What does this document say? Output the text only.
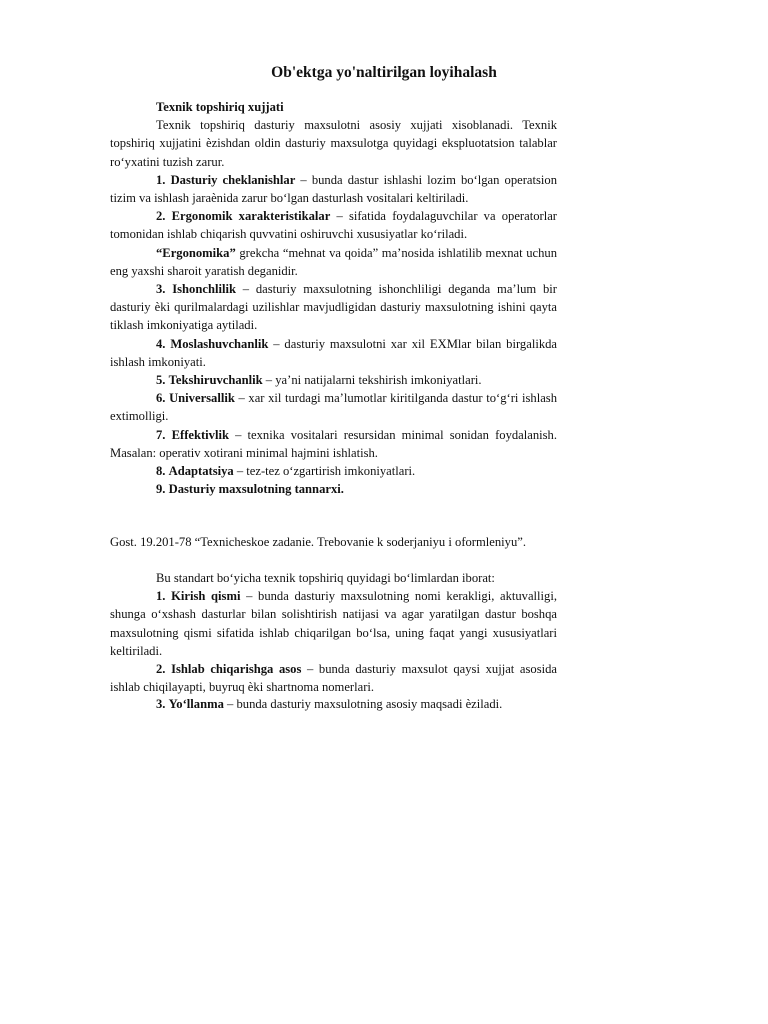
Ob'ektga yo'naltirilgan loyihalash

Texnik topshiriq xujjati

Texnik topshiriq dasturiy maxsulotni asosiy xujjati xisoblanadi. Texnik topshiriq xujjatini ѐzishdan oldin dasturiy maxsulotga quyidagi ekspluotatsion talablar ro‘yxatini tuzish zarur.

1. Dasturiy cheklanishlar – bunda dastur ishlashi lozim bo‘lgan operatsion tizim va ishlash jaraѐnida zarur bo‘lgan dasturlash vositalari keltiriladi.

2. Ergonomik xarakteristikalar – sifatida foydalaguvchilar va operatorlar tomonidan ishlab chiqarish quvvatini oshiruvchi xususiyatlar ko‘riladi.

“Ergonomika” grekcha “mehnat va qoida” ma’nosida ishlatilib mexnat uchun eng yaxshi sharoit yaratish deganidir.

3. Ishonchlilik – dasturiy maxsulotning ishonchliligi deganda ma’lum bir dasturiy ѐki qurilmalardagi uzilishlar mavjudligidan dasturiy maxsulotning ishini qayta tiklash imkoniyatiga aytiladi.

4. Moslashuvchanlik – dasturiy maxsulotni xar xil EXMlar bilan birgalikda ishlash imkoniyati.

5. Tekshiruvchanlik – ya’ni natijalarni tekshirish imkoniyatlari.

6. Universallik – xar xil turdagi ma’lumotlar kiritilganda dastur to‘g‘ri ishlash extimolligi.

7. Effektivlik – texnika vositalari resursidan minimal sonidan foydalanish. Masalan: operativ xotirani minimal hajmini ishlatish.

8. Adaptatsiya – tez-tez o‘zgartirish imkoniyatlari.

9. Dasturiy maxsulotning tannarxi.

Gost. 19.201-78 “Texnicheskoe zadanie. Trebovanie k soderjaniyu i oformleniyu”.

Bu standart bo‘yicha texnik topshiriq quyidagi bo‘limlardan iborat:

1. Kirish qismi – bunda dasturiy maxsulotning nomi kerakligi, aktuvalligi, shunga o‘xshash dasturlar bilan solishtirish natijasi va agar yaratilgan dastur boshqa maxsulotning qismi sifatida ishlab chiqarilgan bo‘lsa, uning faqat yangi xususiyatlari keltiriladi.

2. Ishlab chiqarishga asos – bunda dasturiy maxsulot qaysi xujjat asosida ishlab chiqilayapti, buyruq ѐki shartnoma nomerlari.

3. Yo‘llanma – bunda dasturiy maxsulotning asosiy maqsadi ѐziladi.
